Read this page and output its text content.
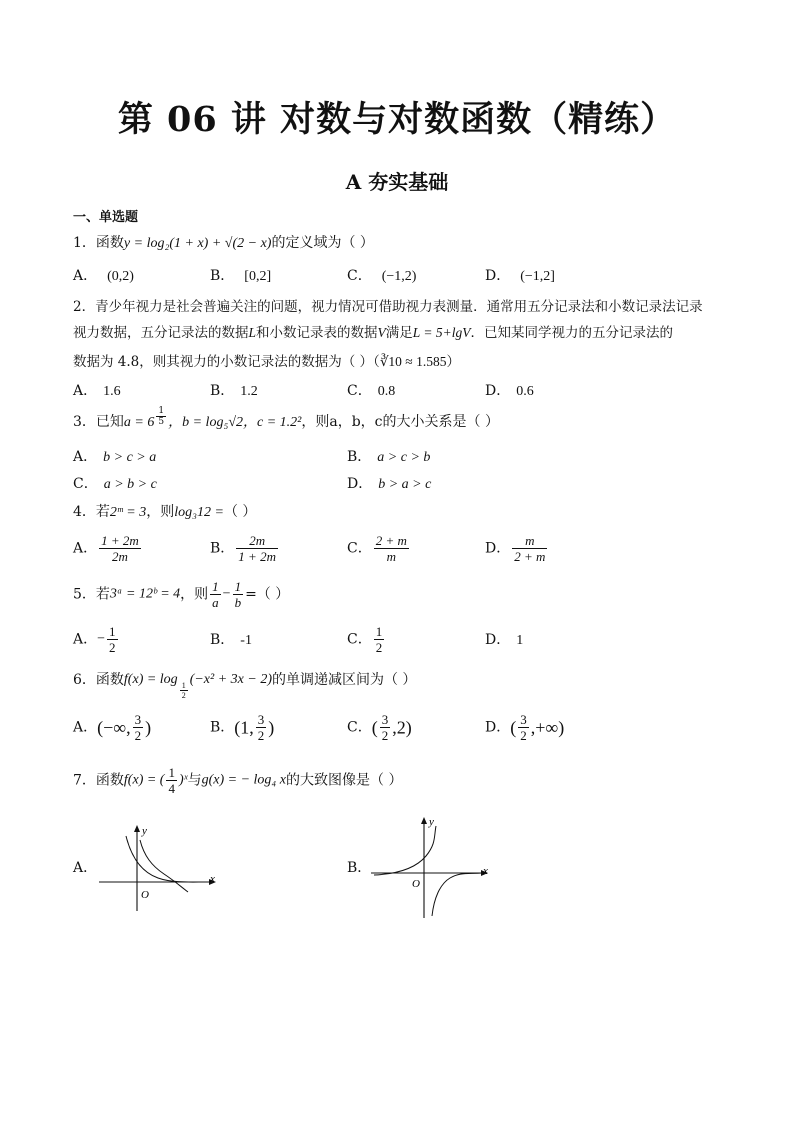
第 06 讲 对数与对数函数（精练）
A 夯实基础
一、单选题
1．函数y = log₂(1 + x) + √(2 − x)的定义域为（ ）
A． (0,2)	B． [0,2]	C． (−1,2)	D． (−1,2]
2．青少年视力是社会普遍关注的问题，视力情况可借助视力表测量．通常用五分记录法和小数记录法记录
视力数据，五分记录法的数据L和小数记录表的数据V满足L = 5+lgV．已知某同学视力的五分记录法的
数据为 4.8，则其视力的小数记录法的数据为（ ）（∛10 ≈ 1.585）
A． 1.6	B． 1.2	C． 0.8	D． 0.6
3．已知$a = 6 \frac{1}{5}$ ，b = log₅√2，c = 1.2²，则a，b，c的大小关系是（ ）
A． b > c > a	B． a > c > b
C． a > b > c	D． b > a > c
4．若2ᵐ = 3，则log₃12 =（ ）
A． $\frac{1 + 2m}{2m}$	B． $\frac{2m}{1 + 2m}$	C． $\frac{2 + m}{m}$	D． $\frac{m}{2 + m}$
5．若3ᵃ = 12ᵇ = 4，则 $\frac{1}{a} - \frac{1}{b}$ =（ ）
A．− $\frac{1}{2}$	B． -1	C． $\frac{1}{2}$	D． 1
6．函数f(x) = log
$\frac{1}{2}$
(−x² + 3x − 2)的单调递减区间为（ ）
A．(−∞, $\frac{3}{2}$ )	B．(1, $\frac{3}{2}$ )	C．( $\frac{3}{2} ,2$)	D．( $\frac{3}{2}$ ,+∞)
7．函数f(x) = ( $\frac{1}{4}$ )ˣ与g(x) = − log₄ x的大致图像是（ ）
A．
y
x
O
B．
y
x
O
